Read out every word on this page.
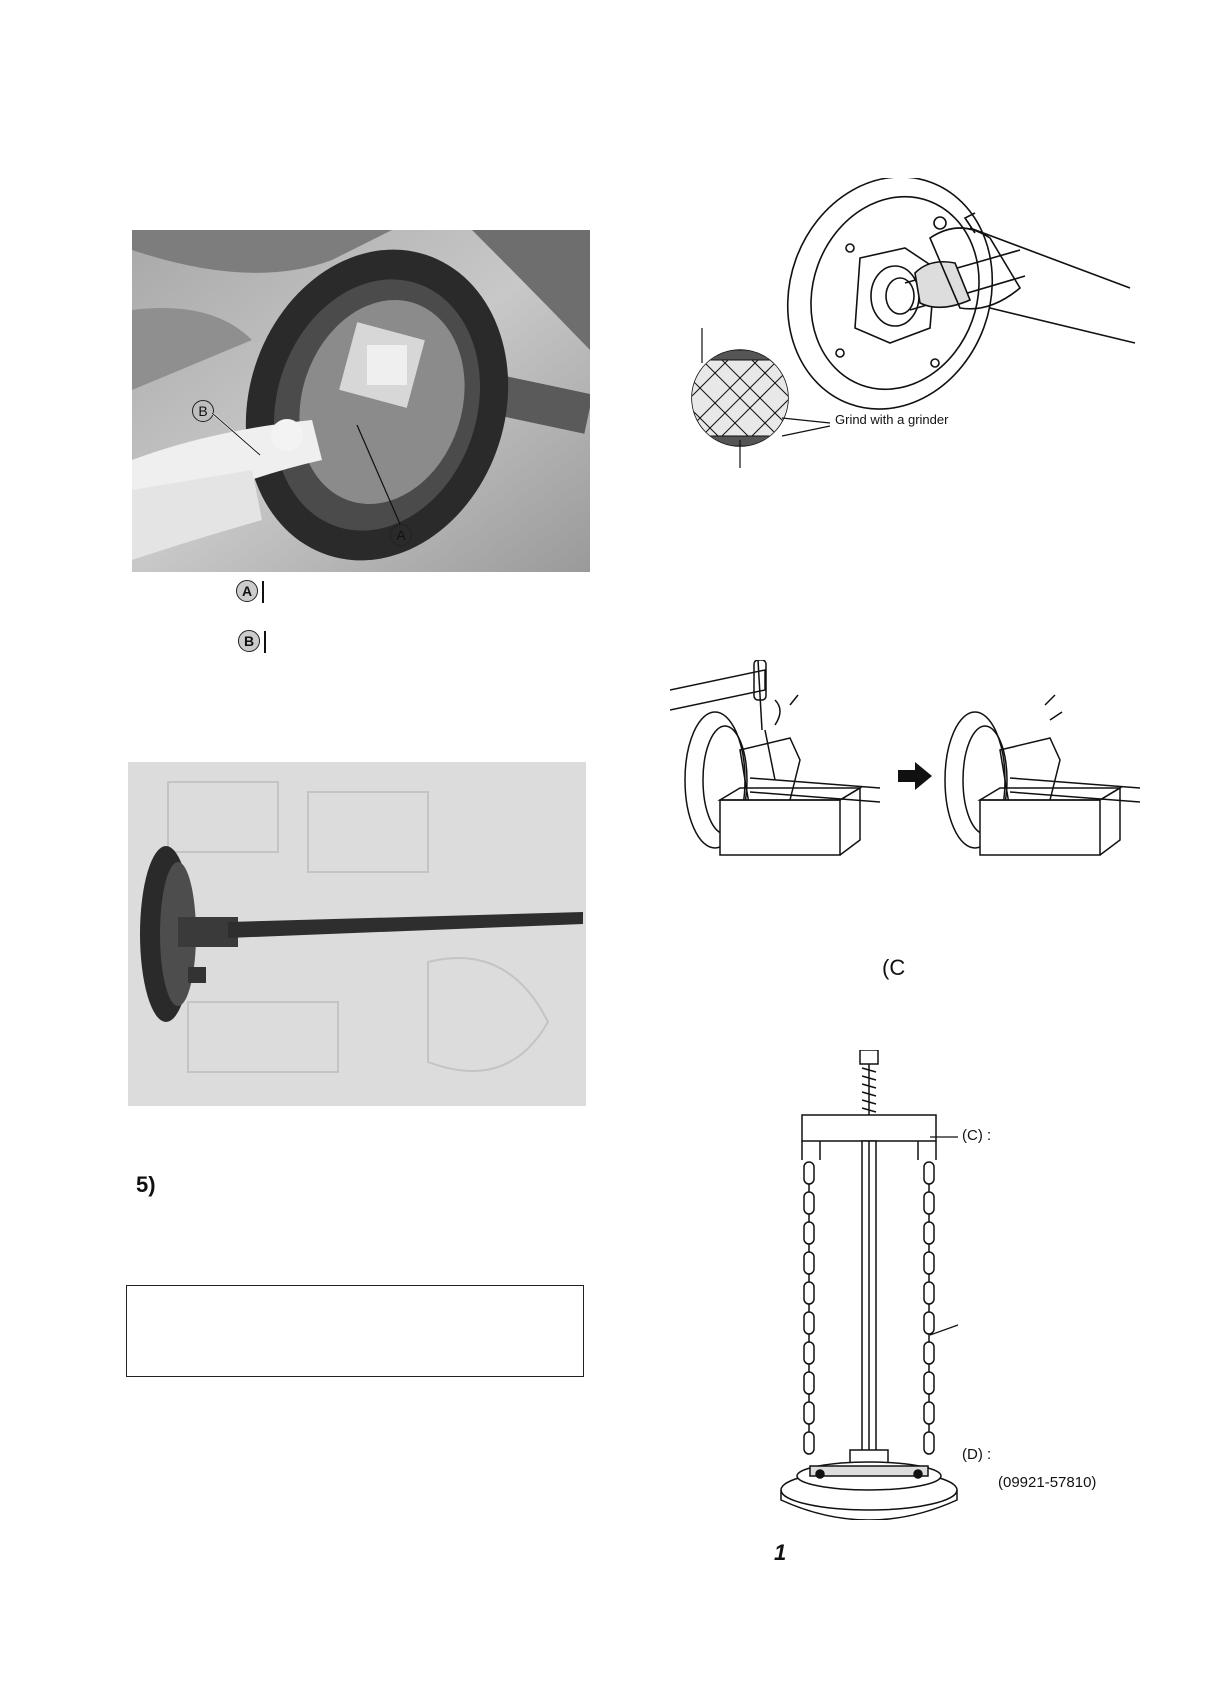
B
A
A
B
5)
Grind with a grinder
(C
(C) :
(D) :
(09921-57810)
1
